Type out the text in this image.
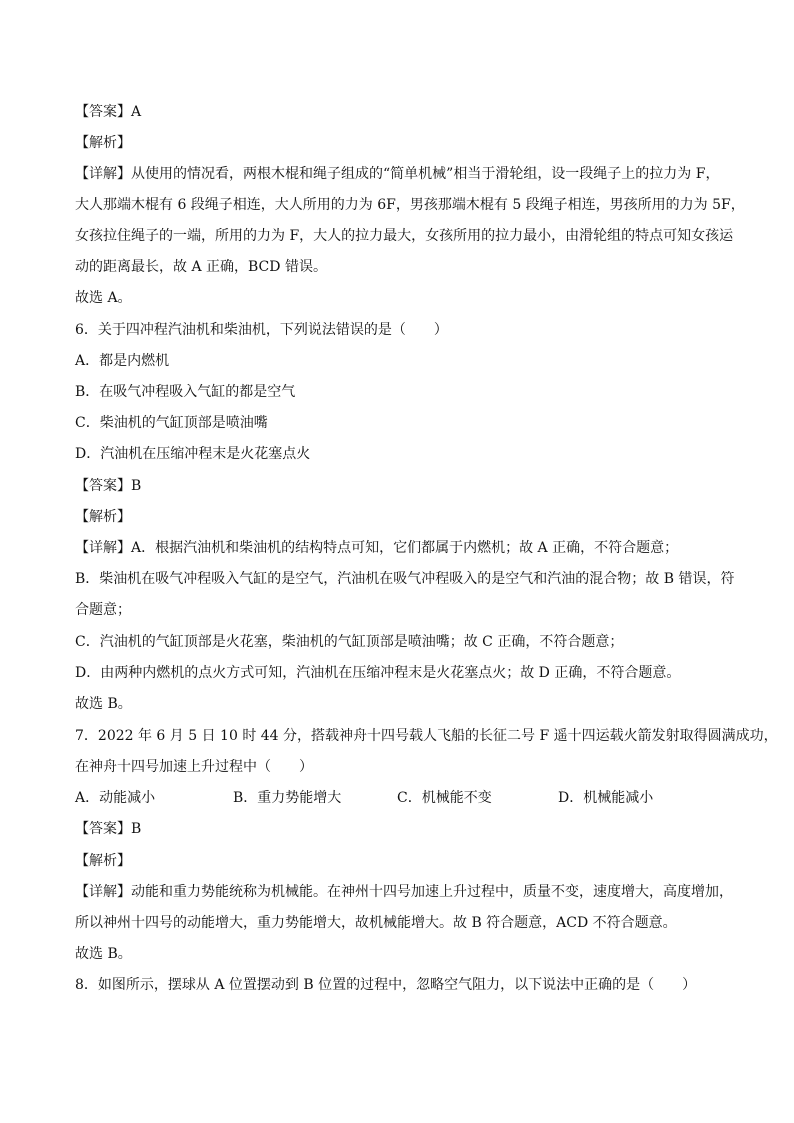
【答案】A
【解析】
【详解】从使用的情况看，两根木棍和绳子组成的“简单机械”相当于滑轮组，设一段绳子上的拉力为 F，
大人那端木棍有 6 段绳子相连，大人所用的力为 6F，男孩那端木棍有 5 段绳子相连，男孩所用的力为 5F，
女孩拉住绳子的一端，所用的力为 F，大人的拉力最大，女孩所用的拉力最小，由滑轮组的特点可知女孩运
动的距离最长，故 A 正确，BCD 错误。
故选 A。
6．关于四冲程汽油机和柴油机，下列说法错误的是（　　）
A．都是内燃机
B．在吸气冲程吸入气缸的都是空气
C．柴油机的气缸顶部是喷油嘴
D．汽油机在压缩冲程末是火花塞点火
【答案】B
【解析】
【详解】A．根据汽油机和柴油机的结构特点可知，它们都属于内燃机；故 A 正确，不符合题意；
B．柴油机在吸气冲程吸入气缸的是空气，汽油机在吸气冲程吸入的是空气和汽油的混合物；故 B 错误，符
合题意；
C．汽油机的气缸顶部是火花塞，柴油机的气缸顶部是喷油嘴；故 C 正确，不符合题意；
D．由两种内燃机的点火方式可知，汽油机在压缩冲程末是火花塞点火；故 D 正确，不符合题意。
故选 B。
7．2022 年 6 月 5 日 10 时 44 分，搭载神舟十四号载人飞船的长征二号 F 遥十四运载火箭发射取得圆满成功，
在神舟十四号加速上升过程中（　　）
A．动能减小	B．重力势能增大	C．机械能不变	D．机械能减小
【答案】B
【解析】
【详解】动能和重力势能统称为机械能。在神州十四号加速上升过程中，质量不变，速度增大，高度增加，
所以神州十四号的动能增大，重力势能增大，故机械能增大。故 B 符合题意，ACD 不符合题意。
故选 B。
8．如图所示，摆球从 A 位置摆动到 B 位置的过程中，忽略空气阻力，以下说法中正确的是（　　）
